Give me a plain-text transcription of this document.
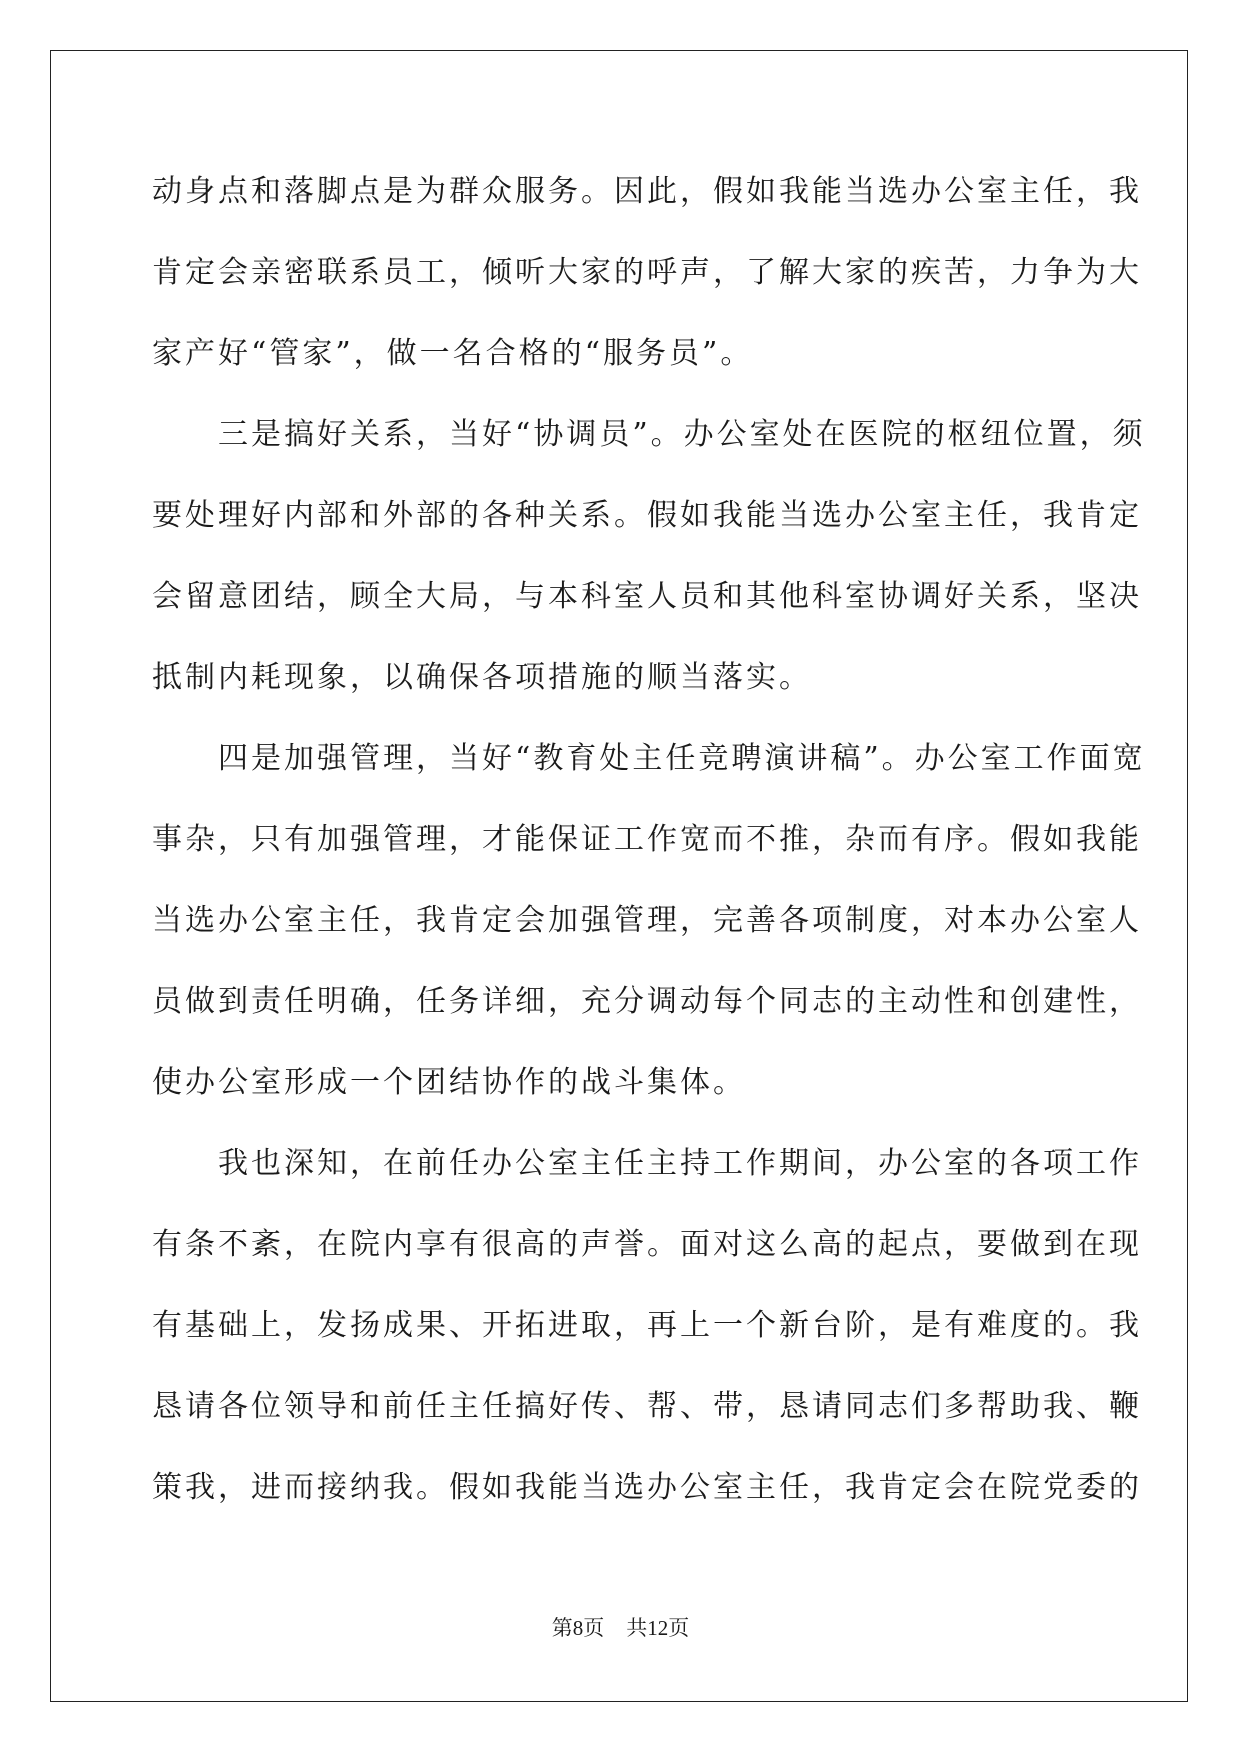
动身点和落脚点是为群众服务。因此，假如我能当选办公室主任，我
肯定会亲密联系员工，倾听大家的呼声，了解大家的疾苦，力争为大
家产好“管家”，做一名合格的“服务员”。
　　三是搞好关系，当好“协调员”。办公室处在医院的枢纽位置，须
要处理好内部和外部的各种关系。假如我能当选办公室主任，我肯定
会留意团结，顾全大局，与本科室人员和其他科室协调好关系，坚决
抵制内耗现象，以确保各项措施的顺当落实。
　　四是加强管理，当好“教育处主任竞聘演讲稿”。办公室工作面宽
事杂，只有加强管理，才能保证工作宽而不推，杂而有序。假如我能
当选办公室主任，我肯定会加强管理，完善各项制度，对本办公室人
员做到责任明确，任务详细，充分调动每个同志的主动性和创建性，
使办公室形成一个团结协作的战斗集体。
　　我也深知，在前任办公室主任主持工作期间，办公室的各项工作
有条不紊，在院内享有很高的声誉。面对这么高的起点，要做到在现
有基础上，发扬成果、开拓进取，再上一个新台阶，是有难度的。我
恳请各位领导和前任主任搞好传、帮、带，恳请同志们多帮助我、鞭
策我，进而接纳我。假如我能当选办公室主任，我肯定会在院党委的
第8页 共12页
